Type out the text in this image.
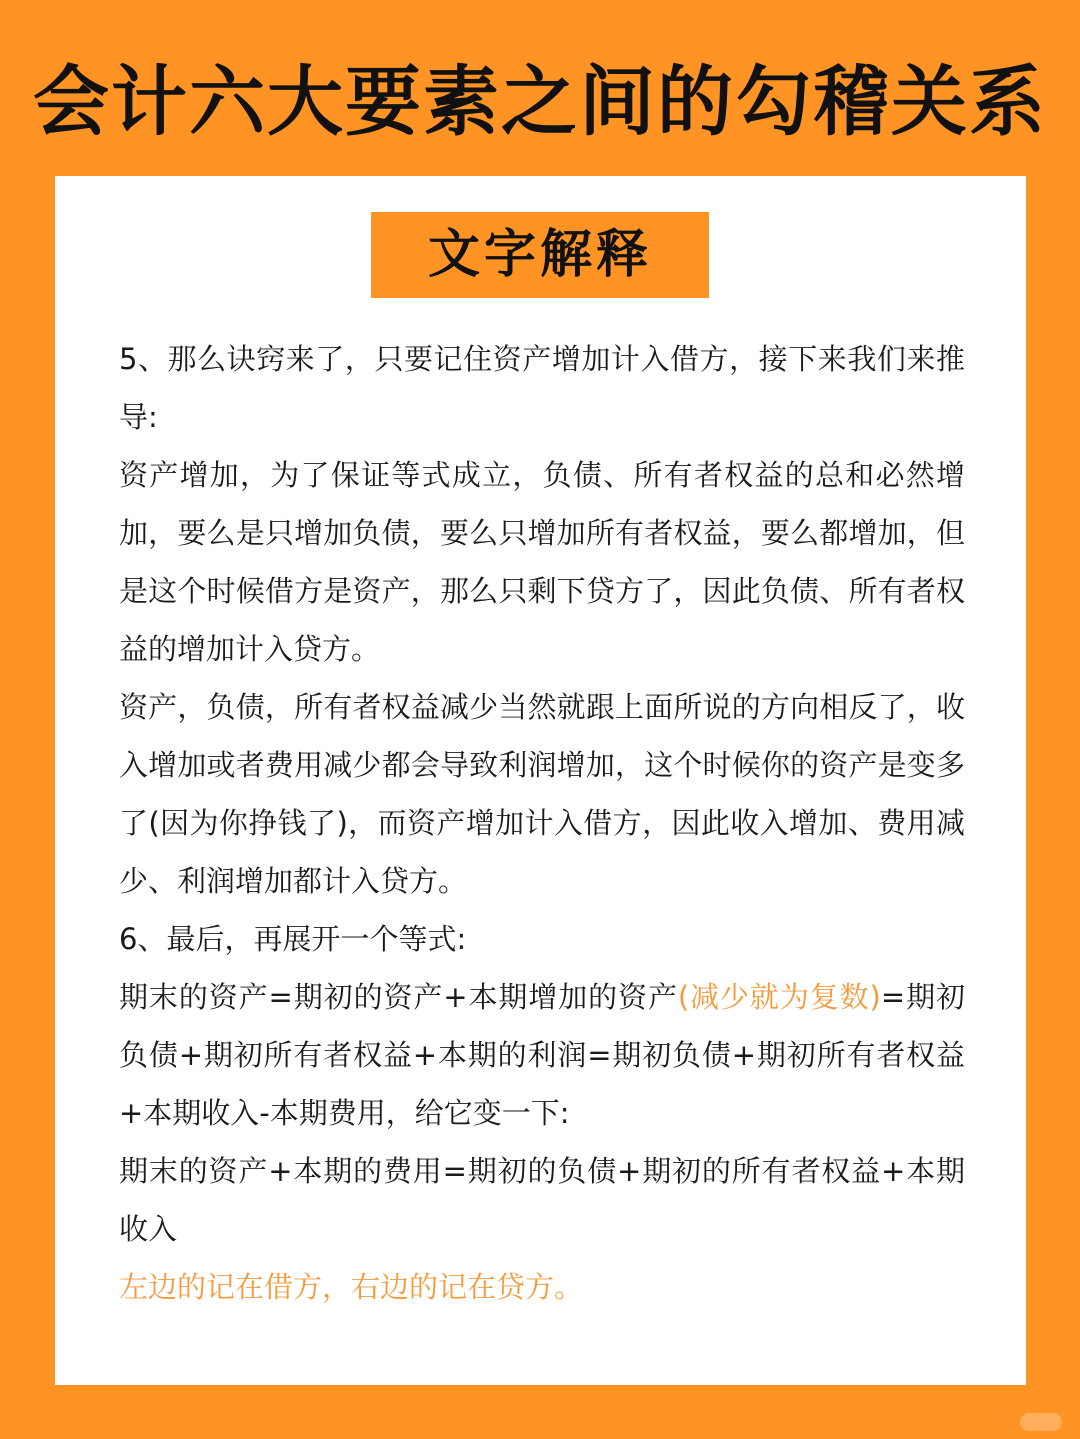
会计六大要素之间的勾稽关系
文字解释

5、那么诀窍来了，只要记住资产增加计入借方，接下来我们来推导:

资产增加，为了保证等式成立，负债、所有者权益的总和必然增加，要么是只增加负债，要么只增加所有者权益，要么都增加，但是这个时候借方是资产，那么只剩下贷方了，因此负债、所有者权益的增加计入贷方。

资产，负债，所有者权益减少当然就跟上面所说的方向相反了，收入增加或者费用减少都会导致利润增加，这个时候你的资产是变多了(因为你挣钱了)，而资产增加计入借方，因此收入增加、费用减少、利润增加都计入贷方。

6、最后，再展开一个等式:

期末的资产=期初的资产+本期增加的资产(减少就为复数)=期初负债+期初所有者权益+本期的利润=期初负债+期初所有者权益+本期收入-本期费用，给它变一下:

期末的资产+本期的费用=期初的负债+期初的所有者权益+本期收入

左边的记在借方，右边的记在贷方。
